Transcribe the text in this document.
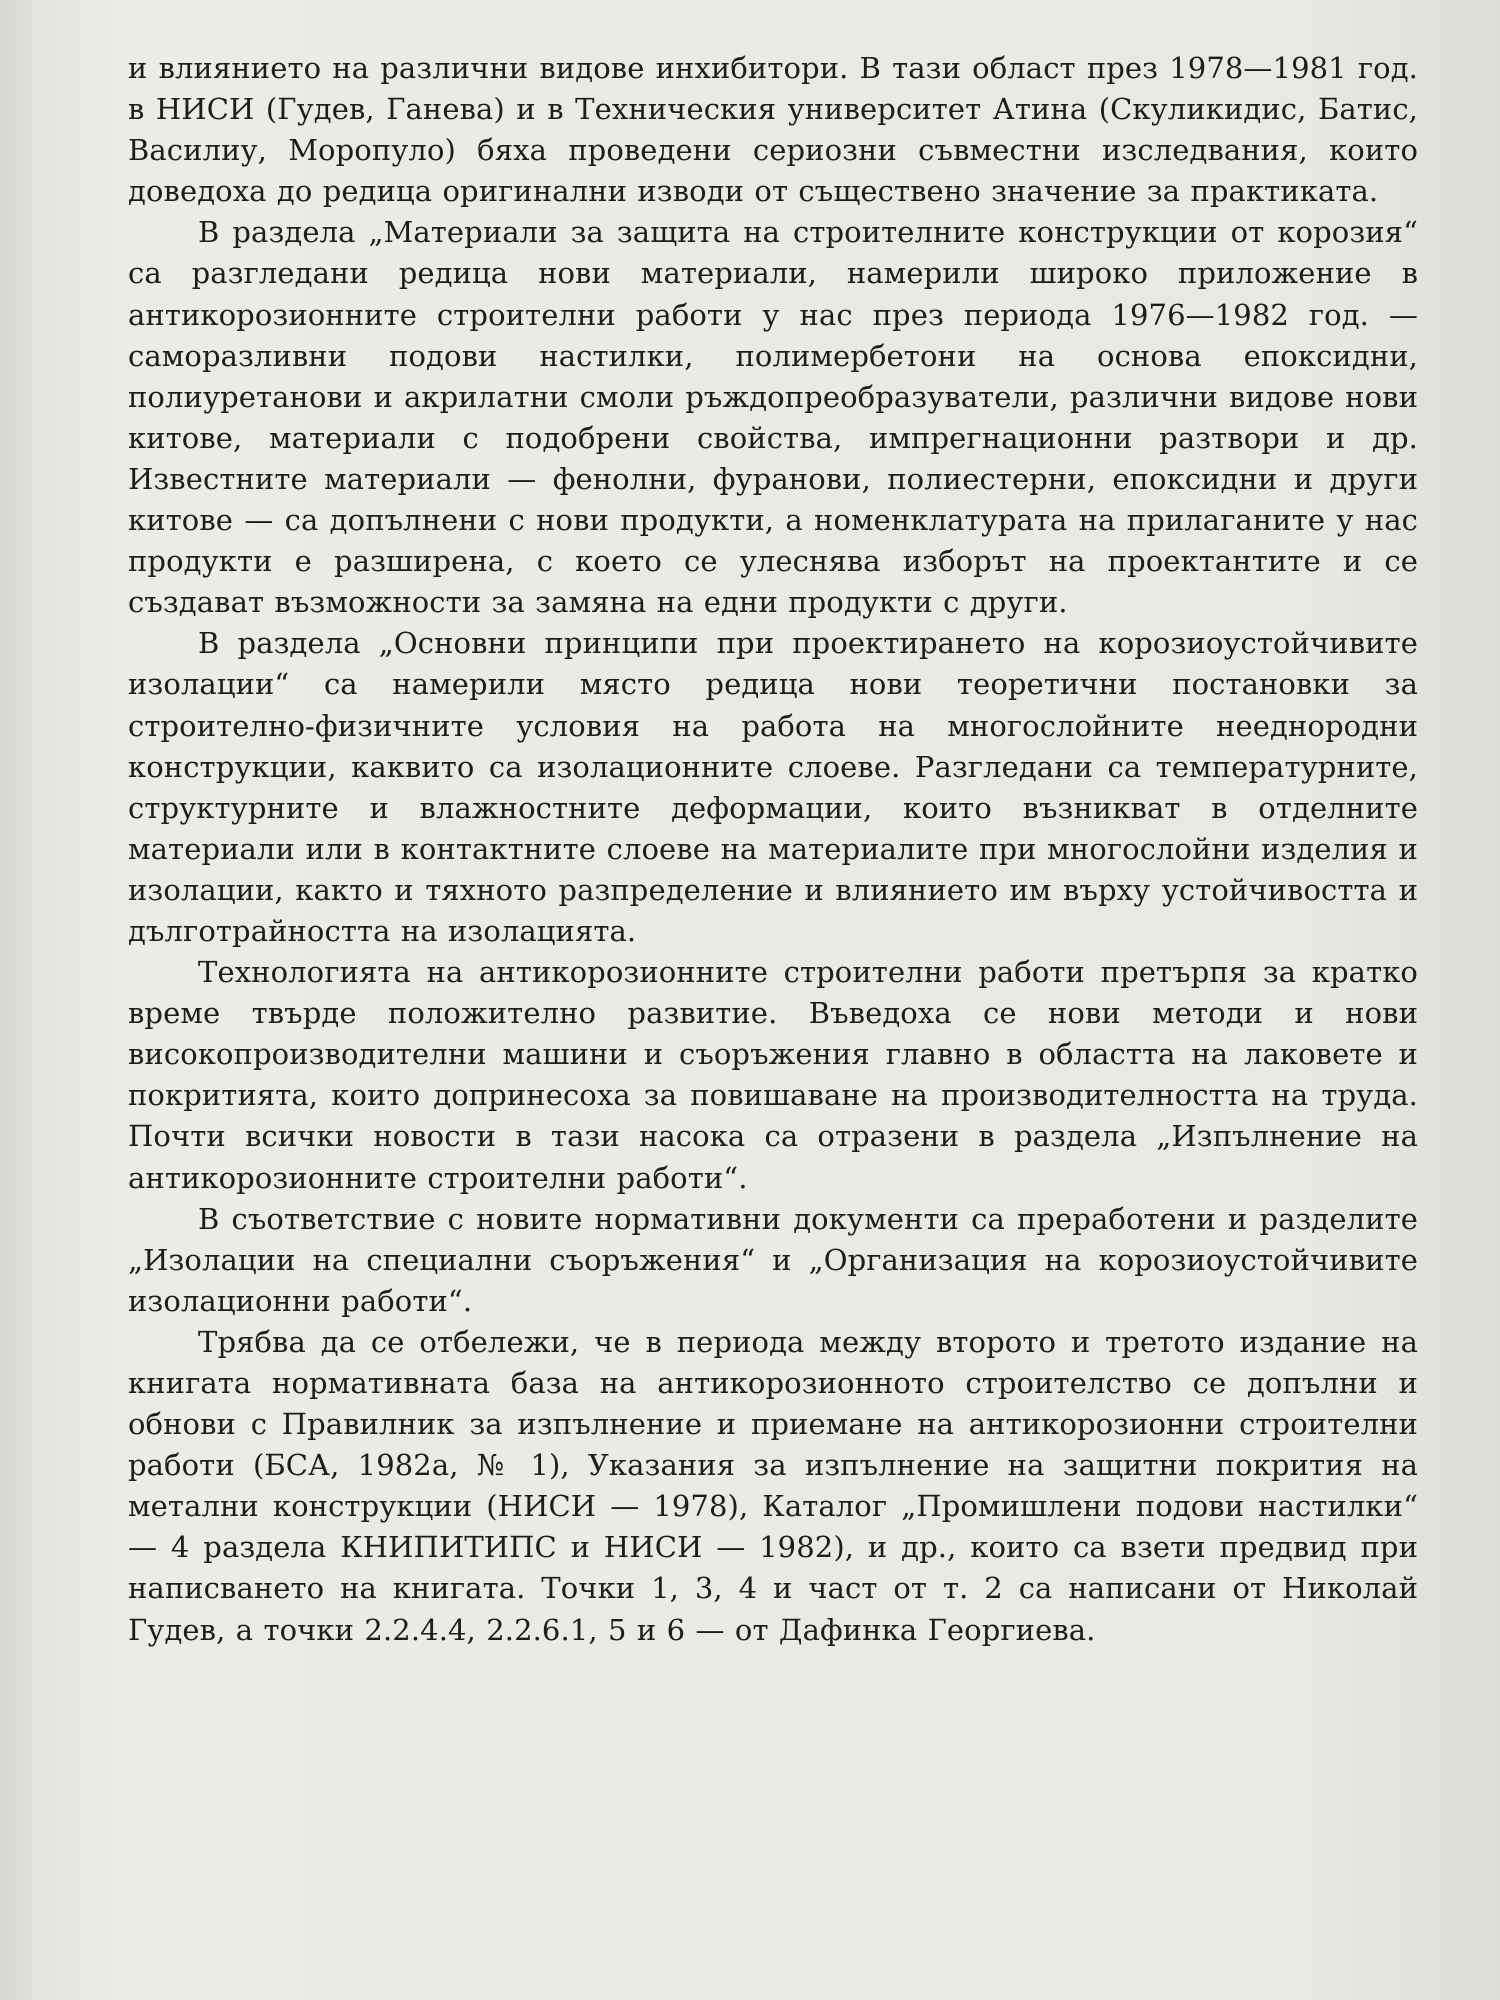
и влиянието на различни видове инхибитори. В тази област през 1978—1981 год. в НИСИ (Гудев, Ганева) и в Техническия университет Атина (Скуликидис, Батис, Василиу, Моропуло) бяха проведени сериозни съвместни изследвания, които доведоха до редица оригинални изводи от съществено значение за практиката.

В раздела „Материали за защита на строителните конструкции от корозия“ са разгледани редица нови материали, намерили широко приложение в антикорозионните строителни работи у нас през периода 1976—1982 год. — саморазливни подови настилки, полимербетони на основа епоксидни, полиуретанови и акрилатни смоли ръждопреобразуватели, различни видове нови китове, материали с подобрени свойства, импрегнационни разтвори и др. Известните материали — фенолни, фуранови, полиестерни, епоксидни и други китове — са допълнени с нови продукти, а номенклатурата на прилаганите у нас продукти е разширена, с което се улеснява изборът на проектантите и се създават възможности за замяна на едни продукти с други.

В раздела „Основни принципи при проектирането на корозиоустойчивите изолации“ са намерили място редица нови теоретични постановки за строително-физичните условия на работа на многослойните нееднородни конструкции, каквито са изолационните слоеве. Разгледани са температурните, структурните и влажностните деформации, които възникват в отделните материали или в контактните слоеве на материалите при многослойни изделия и изолации, както и тяхното разпределение и влиянието им върху устойчивостта и дълготрайността на изолацията.

Технологията на антикорозионните строителни работи претърпя за кратко време твърде положително развитие. Въведоха се нови методи и нови високопроизводителни машини и съоръжения главно в областта на лаковете и покритията, които допринесоха за повишаване на производителността на труда. Почти всички новости в тази насока са отразени в раздела „Изпълнение на антикорозионните строителни работи“.

В съответствие с новите нормативни документи са преработени и разделите „Изолации на специални съоръжения“ и „Организация на корозиоустойчивите изолационни работи“.

Трябва да се отбележи, че в периода между второто и третото издание на книгата нормативната база на антикорозионното строителство се допълни и обнови с Правилник за изпълнение и приемане на антикорозионни строителни работи (БСА, 1982а, № 1), Указания за изпълнение на защитни покрития на метални конструкции (НИСИ — 1978), Каталог „Промишлени подови настилки“ — 4 раздела КНИПИТИПС и НИСИ — 1982), и др., които са взети предвид при написването на книгата. Точки 1, 3, 4 и част от т. 2 са написани от Николай Гудев, а точки 2.2.4.4, 2.2.6.1, 5 и 6 — от Дафинка Георгиева.
